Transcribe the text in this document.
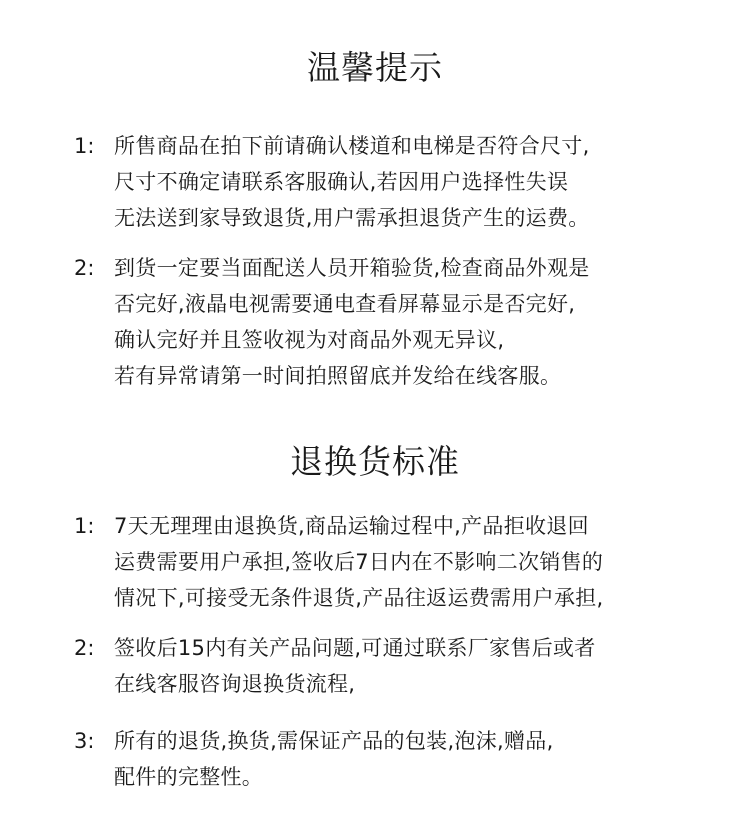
温馨提示
1: 所售商品在拍下前请确认楼道和电梯是否符合尺寸,
尺寸不确定请联系客服确认,若因用户选择性失误
无法送到家导致退货,用户需承担退货产生的运费。
2: 到货一定要当面配送人员开箱验货,检查商品外观是
否完好,液晶电视需要通电查看屏幕显示是否完好,
确认完好并且签收视为对商品外观无异议,
若有异常请第一时间拍照留底并发给在线客服。
退换货标准
1: 7天无理理由退换货,商品运输过程中,产品拒收退回
运费需要用户承担,签收后7日内在不影响二次销售的
情况下,可接受无条件退货,产品往返运费需用户承担,
2: 签收后15内有关产品问题,可通过联系厂家售后或者
在线客服咨询退换货流程,
3: 所有的退货,换货,需保证产品的包装,泡沫,赠品,
配件的完整性。
